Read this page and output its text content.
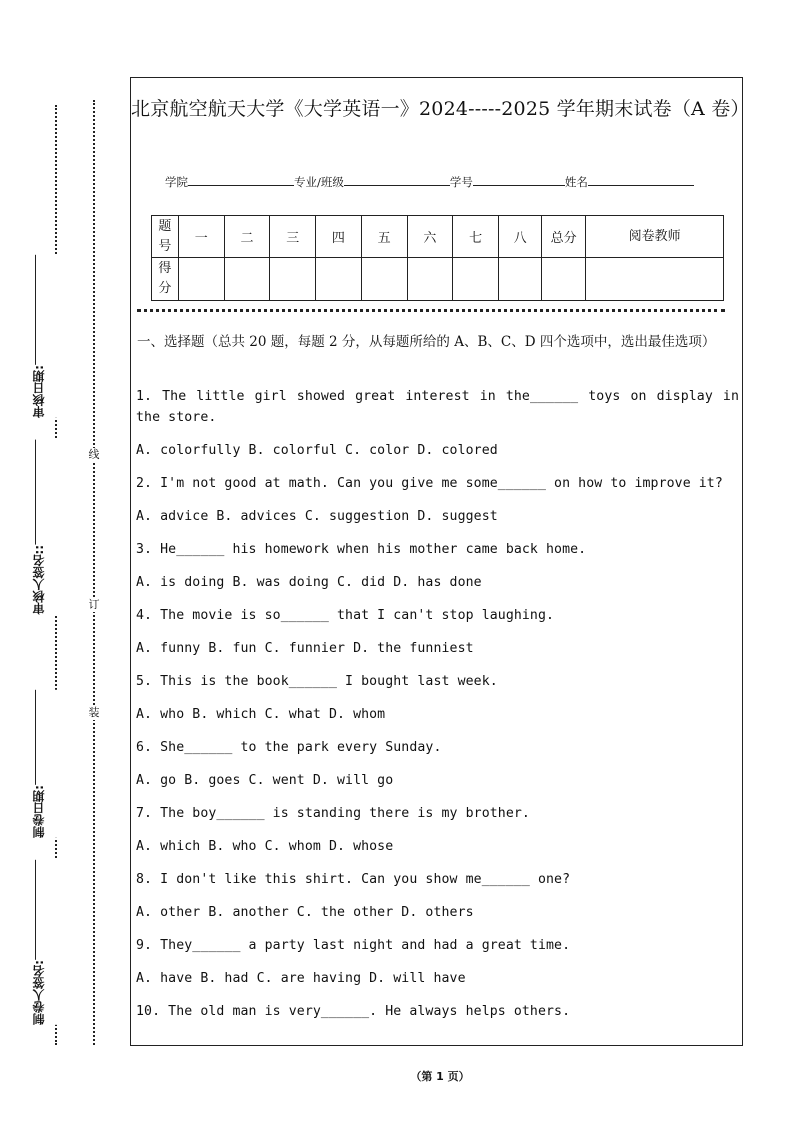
审核日期:
审核人签名::
制卷日期:
制卷人签名:
线
订
装
北京航空航天大学《大学英语一》2024-----2025 学年期末试卷（A 卷）
学院	专业/班级	学号	姓名
题号	一	二	三	四	五	六	七	八	总分	阅卷教师
得分										
一、选择题（总共 20 题，每题 2 分，从每题所给的 A、B、C、D 四个选项中，选出最佳选项）

1. The little girl showed great interest in the______ toys on display in the store.

A. colorfully B. colorful C. color D. colored

2. I'm not good at math. Can you give me some______ on how to improve it?

A. advice B. advices C. suggestion D. suggest

3. He______ his homework when his mother came back home.

A. is doing B. was doing C. did D. has done

4. The movie is so______ that I can't stop laughing.

A. funny B. fun C. funnier D. the funniest

5. This is the book______ I bought last week.

A. who B. which C. what D. whom

6. She______ to the park every Sunday.

A. go B. goes C. went D. will go

7. The boy______ is standing there is my brother.

A. which B. who C. whom D. whose

8. I don't like this shirt. Can you show me______ one?

A. other B. another C. the other D. others

9. They______ a party last night and had a great time.

A. have B. had C. are having D. will have

10. The old man is very______. He always helps others.

（第 1 页）
